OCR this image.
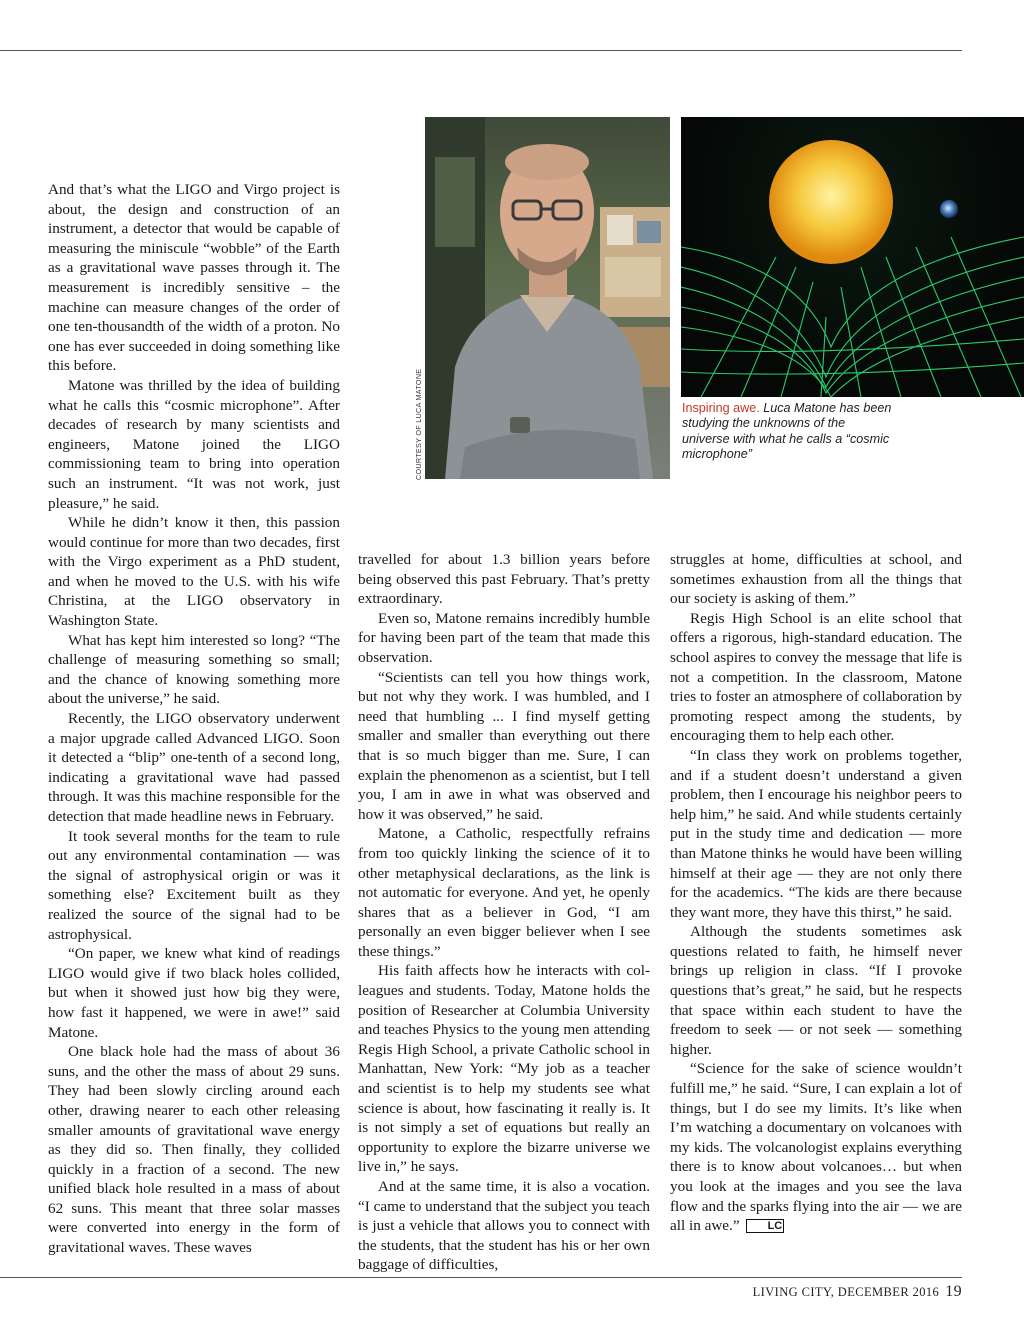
COURTESY OF LUCA MATONE	Inspiring awe. Luca Matone has been studying the unknowns of the universe with what he calls a “cosmic microphone”

And that’s what the LIGO and Virgo project is about, the design and construction of an instrument, a detector that would be capable of measuring the miniscule “wobble” of the Earth as a gravitational wave passes through it. The measurement is incredibly sensitive – the machine can measure changes of the order of one ten-thousandth of the width of a proton. No one has ever succeeded in doing something like this before.

Matone was thrilled by the idea of building what he calls this “cosmic microphone”. After decades of research by many scientists and engineers, Matone joined the LIGO commissioning team to bring into operation such an instrument. “It was not work, just pleasure,” he said.

While he didn’t know it then, this passion would continue for more than two decades, first with the Virgo experiment as a PhD student, and when he moved to the U.S. with his wife Christina, at the LIGO observatory in Washington State.

What has kept him interested so long? “The challenge of measuring something so small; and the chance of knowing something more about the universe,” he said.

Recently, the LIGO observatory underwent a major upgrade called Advanced LIGO. Soon it detected a “blip” one-tenth of a second long, indicating a gravitational wave had passed through. It was this machine responsible for the detection that made headline news in February.

It took several months for the team to rule out any environmental contamination — was the signal of astrophysical origin or was it something else? Excitement built as they realized the source of the signal had to be astrophysical.

“On paper, we knew what kind of readings LIGO would give if two black holes collided, but when it showed just how big they were, how fast it happened, we were in awe!” said Matone.

One black hole had the mass of about 36 suns, and the other the mass of about 29 suns. They had been slowly circling around each other, drawing nearer to each other releasing smaller amounts of gravitational wave energy as they did so. Then finally, they collided quickly in a fraction of a second. The new unified black hole resulted in a mass of about 62 suns. This meant that three solar masses were converted into energy in the form of gravitational waves. These waves

travelled for about 1.3 billion years before being observed this past February. That’s pretty extraordinary.

Even so, Matone remains incredibly humble for having been part of the team that made this observation.

“Scientists can tell you how things work, but not why they work. I was humbled, and I need that humbling ... I find myself getting smaller and smaller than everything out there that is so much bigger than me. Sure, I can explain the phenomenon as a scientist, but I tell you, I am in awe in what was observed and how it was observed,” he said.

Matone, a Catholic, respectfully refrains from too quickly linking the science of it to other metaphysical declarations, as the link is not automatic for everyone. And yet, he openly shares that as a believer in God, “I am personally an even bigger believer when I see these things.”

His faith affects how he interacts with colleagues and students. Today, Matone holds the position of Researcher at Columbia University and teaches Physics to the young men attending Regis High School, a private Catholic school in Manhattan, New York: “My job as a teacher and scientist is to help my students see what science is about, how fascinating it really is. It is not simply a set of equations but really an opportunity to explore the bizarre universe we live in,” he says.

And at the same time, it is also a vocation. “I came to understand that the subject you teach is just a vehicle that allows you to connect with the students, that the student has his or her own baggage of difficulties,

struggles at home, difficulties at school, and sometimes exhaustion from all the things that our society is asking of them.”

Regis High School is an elite school that offers a rigorous, high-standard education. The school aspires to convey the message that life is not a competition. In the classroom, Matone tries to foster an atmosphere of collaboration by promoting respect among the students, by encouraging them to help each other.

“In class they work on problems together, and if a student doesn’t understand a given problem, then I encourage his neighbor peers to help him,” he said. And while students certainly put in the study time and dedication — more than Matone thinks he would have been willing himself at their age — they are not only there for the academics. “The kids are there because they want more, they have this thirst,” he said.

Although the students sometimes ask questions related to faith, he himself never brings up religion in class. “If I provoke questions that’s great,” he said, but he respects that space within each student to have the freedom to seek — or not seek — something higher.

“Science for the sake of science wouldn’t fulfill me,” he said. “Sure, I can explain a lot of things, but I do see my limits. It’s like when I’m watching a documentary on volcanoes with my kids. The volcanologist explains everything there is to know about volcanoes… but when you look at the images and you see the lava flow and the sparks flying into the air — we are all in awe.”	LC

LIVING CITY, DECEMBER 2016 19
